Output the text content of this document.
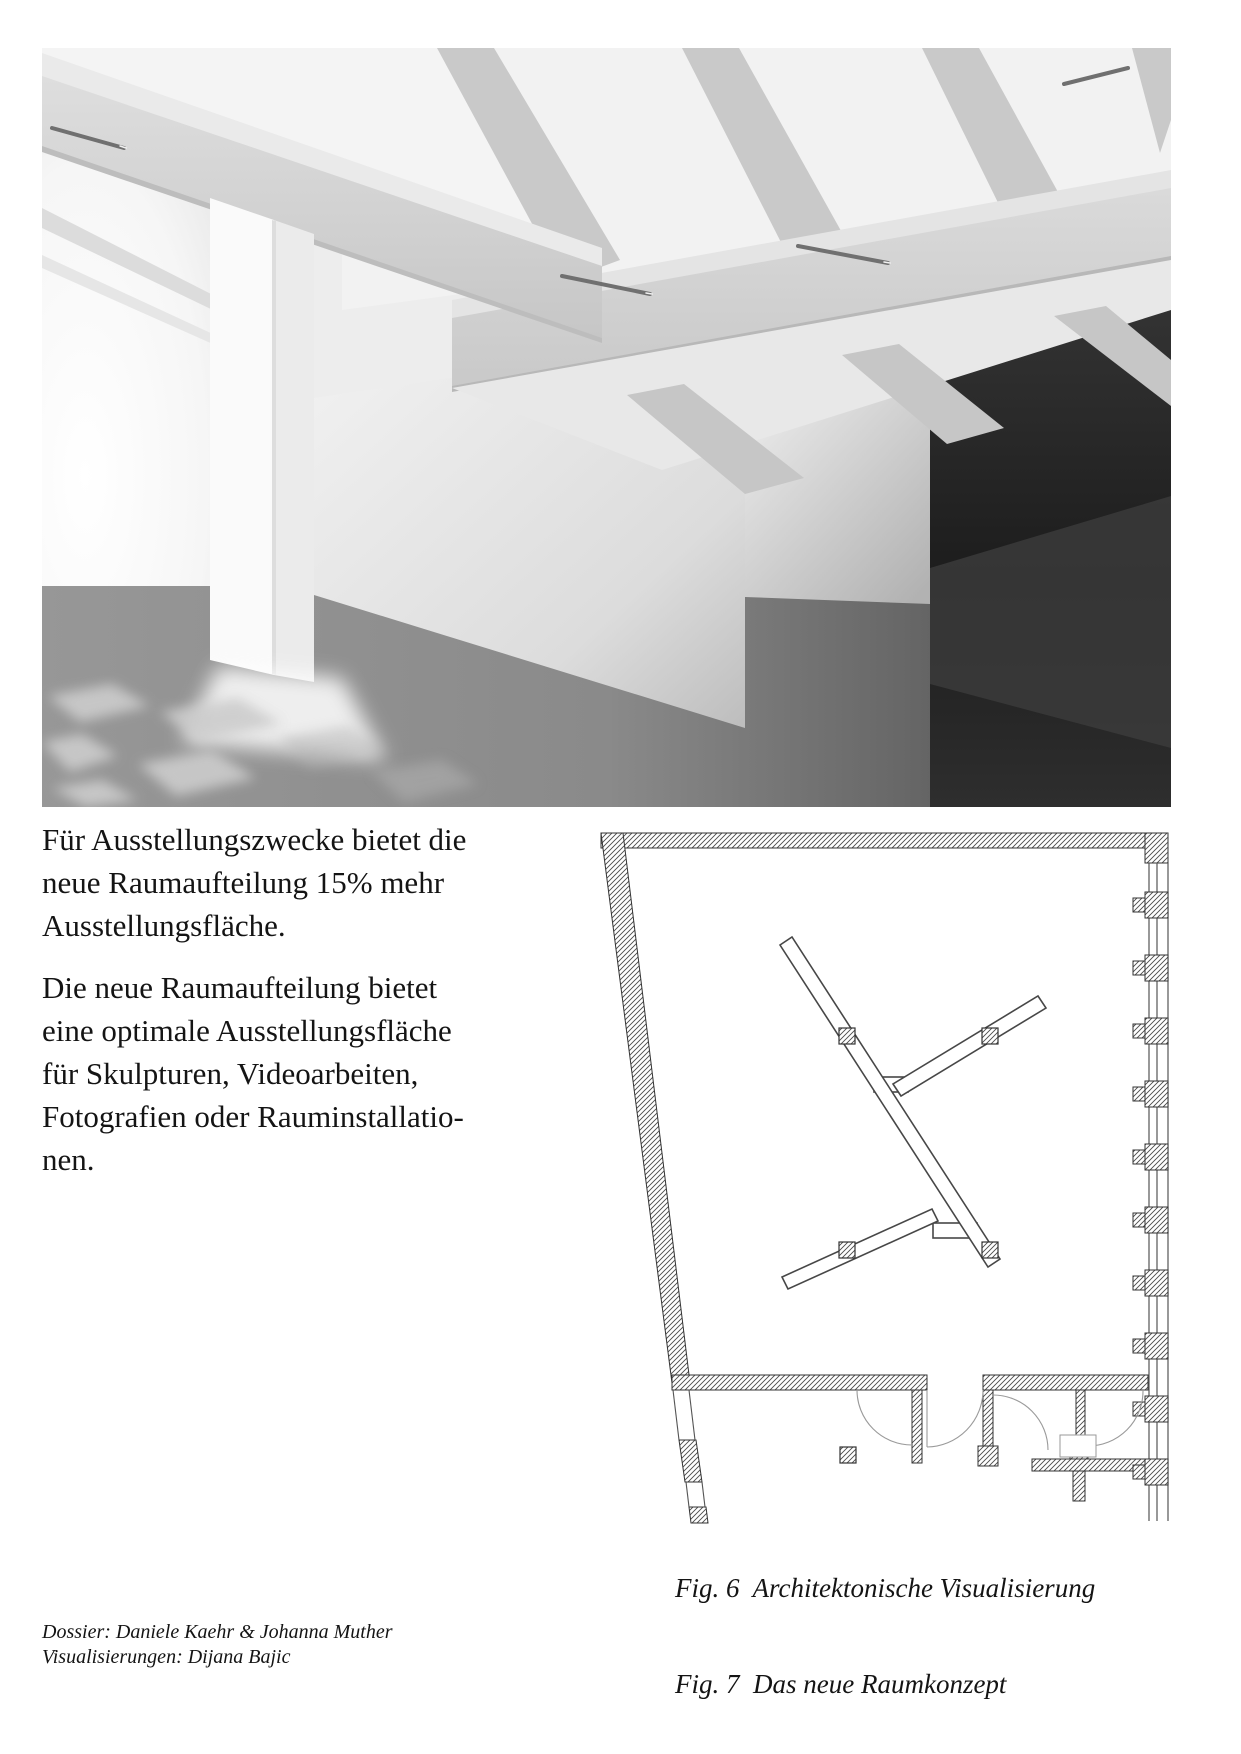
Für Ausstellungszwecke bietet die
neue Raumaufteilung 15% mehr
Ausstellungsfläche.
Die neue Raumaufteilung bietet
eine optimale Ausstellungsfläche
für Skulpturen, Videoarbeiten,
Fotografien oder Rauminstallatio-
nen.

Fig. 6  Architektonische Visualisierung

Fig. 7  Das neue Raumkonzept

Dossier: Daniele Kaehr & Johanna Muther
Visualisierungen: Dijana Bajic
